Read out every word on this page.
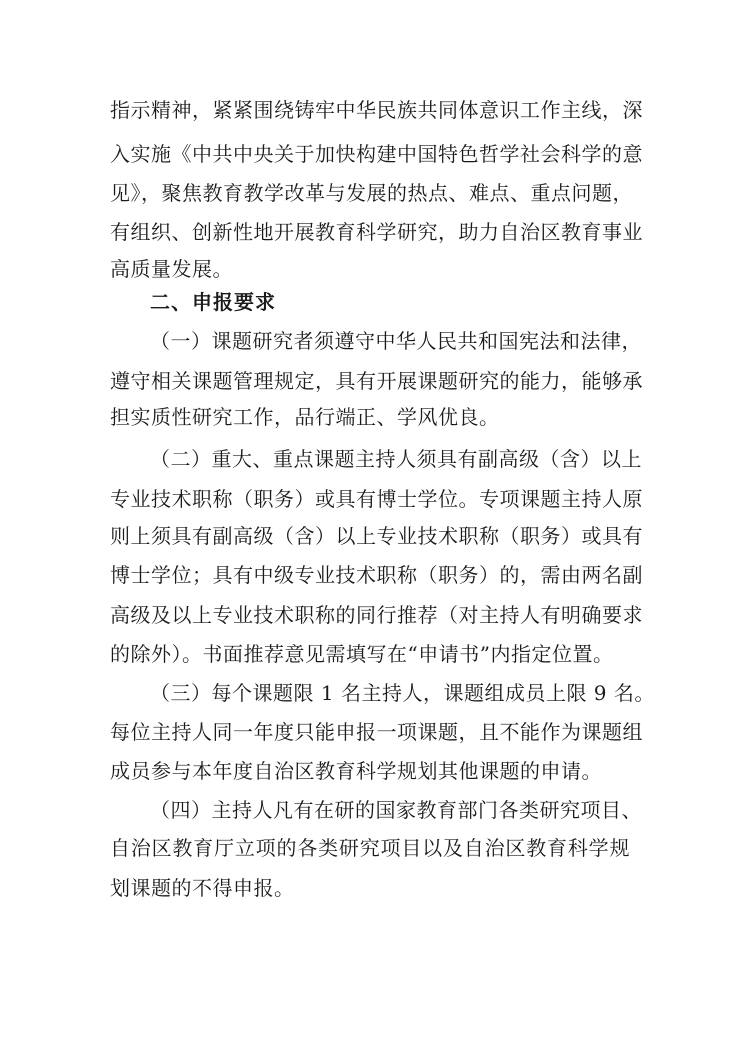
指示精神，紧紧围绕铸牢中华民族共同体意识工作主线，深
入实施《中共中央关于加快构建中国特色哲学社会科学的意
见》，聚焦教育教学改革与发展的热点、难点、重点问题，
有组织、创新性地开展教育科学研究，助力自治区教育事业
高质量发展。
二、申报要求
（一）课题研究者须遵守中华人民共和国宪法和法律，
遵守相关课题管理规定，具有开展课题研究的能力，能够承
担实质性研究工作，品行端正、学风优良。
（二）重大、重点课题主持人须具有副高级（含）以上
专业技术职称（职务）或具有博士学位。专项课题主持人原
则上须具有副高级（含）以上专业技术职称（职务）或具有
博士学位；具有中级专业技术职称（职务）的，需由两名副
高级及以上专业技术职称的同行推荐（对主持人有明确要求
的除外）。书面推荐意见需填写在“申请书”内指定位置。
（三）每个课题限 1 名主持人，课题组成员上限 9 名。
每位主持人同一年度只能申报一项课题，且不能作为课题组
成员参与本年度自治区教育科学规划其他课题的申请。
（四）主持人凡有在研的国家教育部门各类研究项目、
自治区教育厅立项的各类研究项目以及自治区教育科学规
划课题的不得申报。
